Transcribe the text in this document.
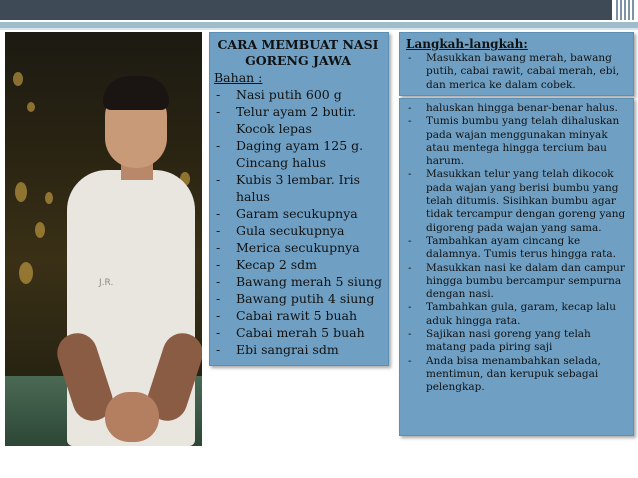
J.R.
CARA MEMBUAT NASI GORENG JAWA
Bahan :
- Nasi putih 600 g
- Telur ayam 2 butir. Kocok lepas
- Daging ayam 125 g. Cincang halus
- Kubis 3 lembar. Iris halus
- Garam secukupnya
- Gula secukupnya
- Merica secukupnya
- Kecap 2 sdm
- Bawang merah 5 siung
- Bawang putih 4 siung
- Cabai rawit 5 buah
- Cabai merah 5 buah
- Ebi sangrai sdm
Langkah-langkah:
- Masukkan bawang merah, bawang putih, cabai rawit, cabai merah, ebi, dan merica ke dalam cobek.
- haluskan hingga benar-benar halus.
- Tumis bumbu yang telah dihaluskan pada wajan menggunakan minyak atau mentega hingga tercium bau harum.
- Masukkan telur yang telah dikocok pada wajan yang berisi bumbu yang telah ditumis. Sisihkan bumbu agar tidak tercampur dengan goreng yang digoreng pada wajan yang sama.
- Tambahkan ayam cincang ke dalamnya. Tumis terus hingga rata.
- Masukkan nasi ke dalam dan campur hingga bumbu bercampur sempurna dengan nasi.
- Tambahkan gula, garam, kecap lalu aduk hingga rata.
- Sajikan nasi goreng yang telah matang pada piring saji
- Anda bisa menambahkan selada, mentimun, dan kerupuk sebagai pelengkap.
